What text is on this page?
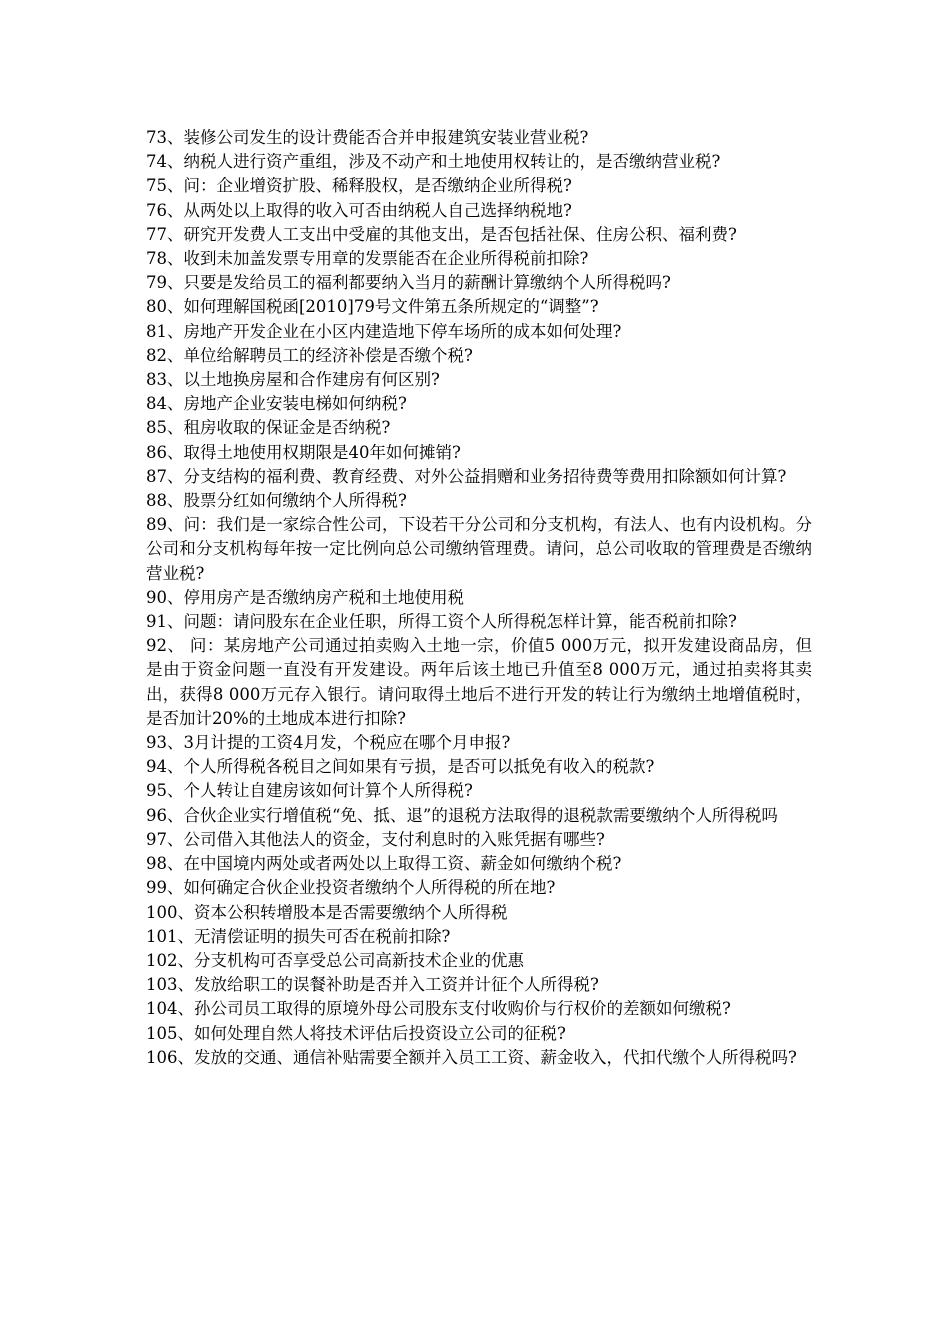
73、装修公司发生的设计费能否合并申报建筑安装业营业税?

74、纳税人进行资产重组，涉及不动产和土地使用权转让的，是否缴纳营业税?

75、问：企业增资扩股、稀释股权，是否缴纳企业所得税?

76、从两处以上取得的收入可否由纳税人自己选择纳税地?

77、研究开发费人工支出中受雇的其他支出，是否包括社保、住房公积、福利费?

78、收到未加盖发票专用章的发票能否在企业所得税前扣除?

79、只要是发给员工的福利都要纳入当月的薪酬计算缴纳个人所得税吗?

80、如何理解国税函[2010]79号文件第五条所规定的“调整”?

81、房地产开发企业在小区内建造地下停车场所的成本如何处理?

82、单位给解聘员工的经济补偿是否缴个税?

83、以土地换房屋和合作建房有何区别?

84、房地产企业安装电梯如何纳税?

85、租房收取的保证金是否纳税?

86、取得土地使用权期限是40年如何摊销?

87、分支结构的福利费、教育经费、对外公益捐赠和业务招待费等费用扣除额如何计算?

88、股票分红如何缴纳个人所得税?

89、问：我们是一家综合性公司，下设若干分公司和分支机构，有法人、也有内设机构。分公司和分支机构每年按一定比例向总公司缴纳管理费。请问，总公司收取的管理费是否缴纳营业税?

90、停用房产是否缴纳房产税和土地使用税

91、问题：请问股东在企业任职，所得工资个人所得税怎样计算，能否税前扣除?

92、 问：某房地产公司通过拍卖购入土地一宗，价值5 000万元，拟开发建设商品房，但是由于资金问题一直没有开发建设。两年后该土地已升值至8 000万元，通过拍卖将其卖出，获得8 000万元存入银行。请问取得土地后不进行开发的转让行为缴纳土地增值税时，是否加计20%的土地成本进行扣除?

93、3月计提的工资4月发，个税应在哪个月申报?

94、个人所得税各税目之间如果有亏损，是否可以抵免有收入的税款?

95、个人转让自建房该如何计算个人所得税?

96、合伙企业实行增值税“免、抵、退”的退税方法取得的退税款需要缴纳个人所得税吗

97、公司借入其他法人的资金，支付利息时的入账凭据有哪些?

98、在中国境内两处或者两处以上取得工资、薪金如何缴纳个税?

99、如何确定合伙企业投资者缴纳个人所得税的所在地?

100、资本公积转增股本是否需要缴纳个人所得税

101、无清偿证明的损失可否在税前扣除?

102、分支机构可否享受总公司高新技术企业的优惠

103、发放给职工的误餐补助是否并入工资并计征个人所得税?

104、孙公司员工取得的原境外母公司股东支付收购价与行权价的差额如何缴税?

105、如何处理自然人将技术评估后投资设立公司的征税?

106、发放的交通、通信补贴需要全额并入员工工资、薪金收入，代扣代缴个人所得税吗?
